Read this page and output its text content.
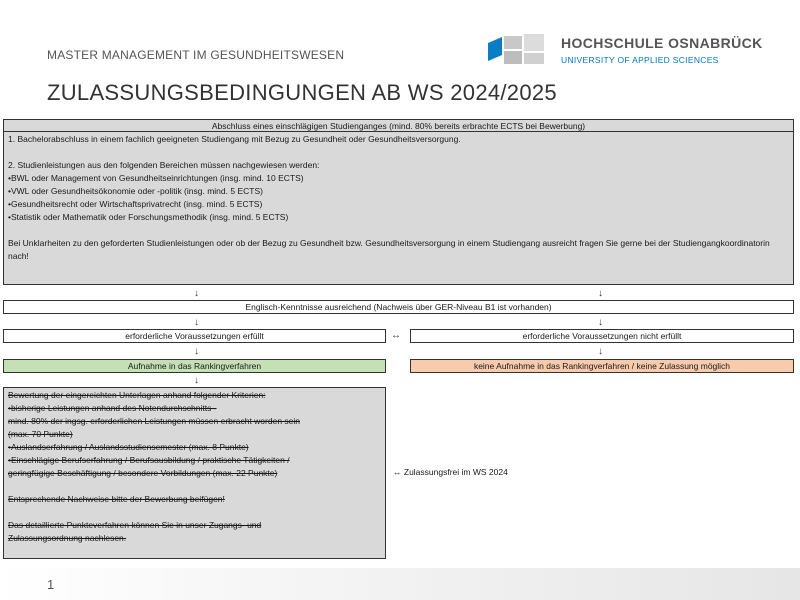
MASTER MANAGEMENT IM GESUNDHEITSWESEN
ZULASSUNGSBEDINGUNGEN AB WS 2024/2025
HOCHSCHULE OSNABRÜCK
UNIVERSITY OF APPLIED SCIENCES
Abschluss eines einschlägigen Studienganges (mind. 80% bereits erbrachte ECTS bei Bewerbung)
1. Bachelorabschluss in einem fachlich geeigneten Studiengang mit Bezug zu Gesundheit oder Gesundheitsversorgung.

2. Studienleistungen aus den folgenden Bereichen müssen nachgewiesen werden:
•BWL oder Management von Gesundheitseinrichtungen (insg. mind. 10 ECTS)
•VWL oder Gesundheitsökonomie oder -politik (insg. mind. 5 ECTS)
•Gesundheitsrecht oder Wirtschaftsprivatrecht (insg. mind. 5 ECTS)
•Statistik oder Mathematik oder Forschungsmethodik (insg. mind. 5 ECTS)

Bei Unklarheiten zu den geforderten Studienleistungen oder ob der Bezug zu Gesundheit bzw. Gesundheitsversorgung in einem Studiengang ausreicht fragen Sie gerne bei der Studiengangkoordinatorin nach!
↓	↓
Englisch-Kenntnisse ausreichend (Nachweis über GER-Niveau B1 ist vorhanden)
↓	↓
erforderliche Voraussetzungen erfüllt	↔	erforderliche Voraussetzungen nicht erfüllt
↓	↓
Aufnahme in das Rankingverfahren	keine Aufnahme in das Rankingverfahren / keine Zulassung möglich
↓
Bewertung der eingereichten Unterlagen anhand folgender Kriterien:
•bisherige Leistungen anhand des Notendurchschnitts -
mind. 80% der ingsg. erforderlichen Leistungen müssen erbracht worden sein
(max. 70 Punkte)
•Auslandserfahrung / Auslandsstudiensemester (max. 8 Punkte)
•Einschlägige Berufserfahrung / Berufsausbildung / praktische Tätigkeiten /
geringfügige Beschäftigung / besondere Vorbildungen (max. 22 Punkte)

Entsprechende Nachweise bitte der Bewerbung beifügen!

Das detaillierte Punkteverfahren können Sie in unser Zugangs- und
Zulassungsordnung nachlesen.
↔ Zulassungsfrei im WS 2024
1
